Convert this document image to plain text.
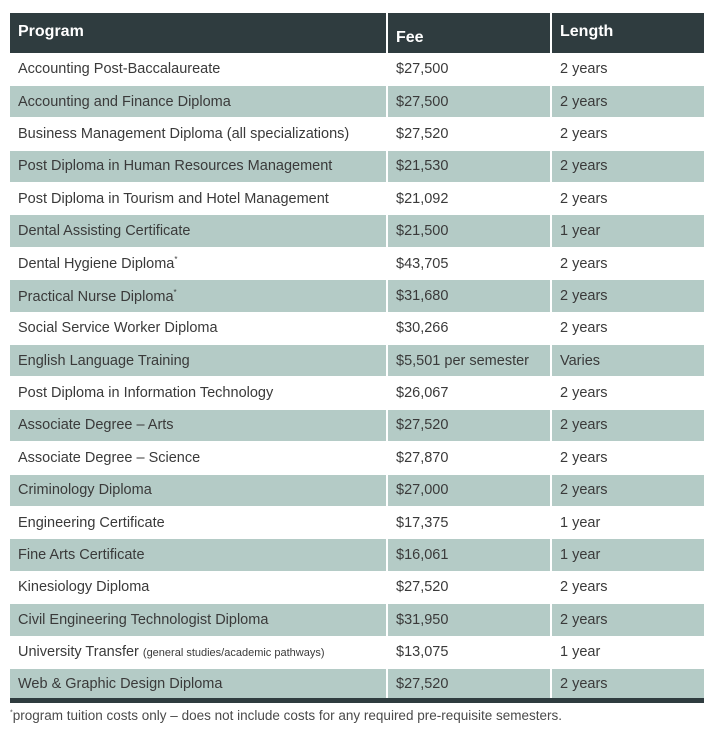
Program	Fee	Length
Accounting Post-Baccalaureate	$27,500	2 years
Accounting and Finance Diploma	$27,500	2 years
Business Management Diploma (all specializations)	$27,520	2 years
Post Diploma in Human Resources Management	$21,530	2 years
Post Diploma in Tourism and Hotel Management	$21,092	2 years
Dental Assisting Certificate	$21,500	1 year
Dental Hygiene Diploma*	$43,705	2 years
Practical Nurse Diploma*	$31,680	2 years
Social Service Worker Diploma	$30,266	2 years
English Language Training	$5,501 per semester	Varies
Post Diploma in Information Technology	$26,067	2 years
Associate Degree – Arts	$27,520	2 years
Associate Degree – Science	$27,870	2 years
Criminology Diploma	$27,000	2 years
Engineering Certificate	$17,375	1 year
Fine Arts Certificate	$16,061	1 year
Kinesiology Diploma	$27,520	2 years
Civil Engineering Technologist Diploma	$31,950	2 years
University Transfer (general studies/academic pathways)	$13,075	1 year
Web & Graphic Design Diploma	$27,520	2 years
*program tuition costs only – does not include costs for any required pre-requisite semesters.
